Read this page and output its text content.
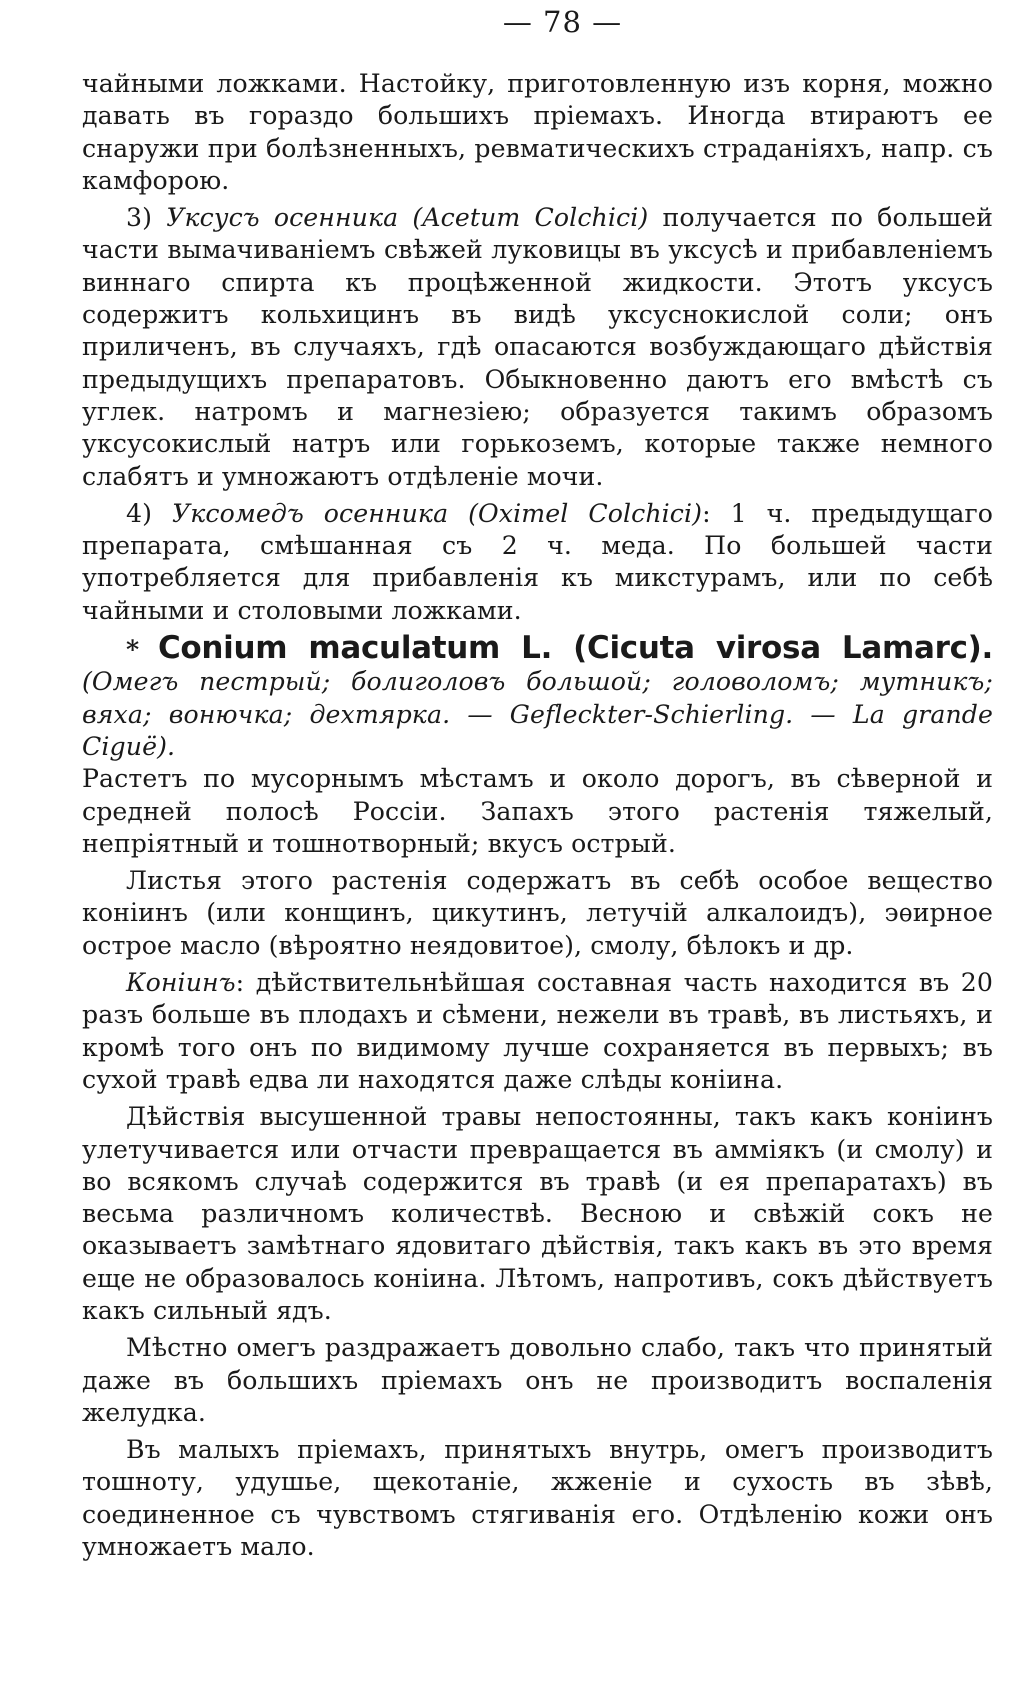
— 78 —

чайными ложками. Настойку, приготовленную изъ корня, можно давать въ гораздо большихъ пріемахъ. Иногда втираютъ ее снаружи при болѣзненныхъ, ревматическихъ страданіяхъ, напр. съ камфорою.

3) Уксусъ осенника (Acetum Colchici) получается по большей части вымачиваніемъ свѣжей луковицы въ уксусѣ и прибавленіемъ виннаго спирта къ процѣженной жидкости. Этотъ уксусъ содержитъ кольхицинъ въ видѣ уксуснокислой соли; онъ приличенъ, въ случаяхъ, гдѣ опасаются возбуждающаго дѣйствія предыдущихъ препаратовъ. Обыкновенно даютъ его вмѣстѣ съ углек. натромъ и магнезіею; образуется такимъ образомъ уксусокислый натръ или горькоземъ, которые также немного слабятъ и умножаютъ отдѣленіе мочи.

4) Уксомедъ осенника (Oximel Colchici): 1 ч. предыдущаго препарата, смѣшанная съ 2 ч. меда. По большей части употребляется для прибавленія къ микстурамъ, или по себѣ чайными и столовыми ложками.

* Conium maculatum L. (Cicuta virosa Lamarc). (Омегъ пестрый; болиголовъ большой; головоломъ; мутникъ; вяха; вонючка; дехтярка. — Gefleckter-Schierling. — La grande Ciguë).

Растетъ по мусорнымъ мѣстамъ и около дорогъ, въ сѣверной и средней полосѣ Россіи. Запахъ этого растенія тяжелый, непріятный и тошнотворный; вкусъ острый.

Листья этого растенія содержатъ въ себѣ особое вещество коніинъ (или конщинъ, цикутинъ, летучій алкалоидъ), эѳирное острое масло (вѣроятно неядовитое), смолу, бѣлокъ и др.

Коніинъ: дѣйствительнѣйшая составная часть находится въ 20 разъ больше въ плодахъ и сѣмени, нежели въ травѣ, въ листьяхъ, и кромѣ того онъ по видимому лучше сохраняется въ первыхъ; въ сухой травѣ едва ли находятся даже слѣды коніина.

Дѣйствія высушенной травы непостоянны, такъ какъ коніинъ улетучивается или отчасти превращается въ аммiякъ (и смолу) и во всякомъ случаѣ содержится въ травѣ (и ея препаратахъ) въ весьма различномъ количествѣ. Весною и свѣжій сокъ не оказываетъ замѣтнаго ядовитаго дѣйствія, такъ какъ въ это время еще не образовалось коніина. Лѣтомъ, напротивъ, сокъ дѣйствуетъ какъ сильный ядъ.

Мѣстно омегъ раздражаетъ довольно слабо, такъ что принятый даже въ большихъ пріемахъ онъ не производитъ воспаленія желудка.

Въ малыхъ пріемахъ, принятыхъ внутрь, омегъ производитъ тошноту, удушье, щекотаніе, жженіе и сухость въ зѣвѣ, соединенное съ чувствомъ стягиванія его. Отдѣленію кожи онъ умножаетъ мало.
